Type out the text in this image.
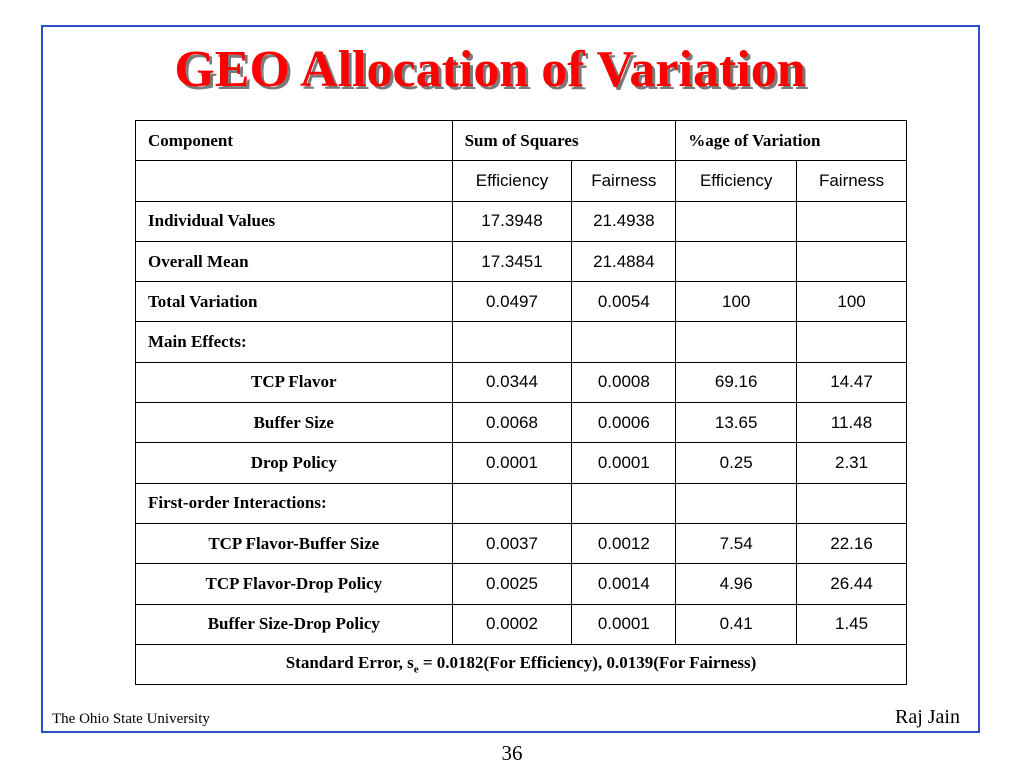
GEO Allocation of Variation
Component	Sum of Squares		%age of Variation	
	Efficiency	Fairness	Efficiency	Fairness
Individual Values	17.3948	21.4938		
Overall Mean	17.3451	21.4884		
Total Variation	0.0497	0.0054	100	100
Main Effects:				
TCP Flavor	0.0344	0.0008	69.16	14.47
Buffer Size	0.0068	0.0006	13.65	11.48
Drop Policy	0.0001	0.0001	0.25	2.31
First-order Interactions:				
TCP Flavor-Buffer Size	0.0037	0.0012	7.54	22.16
TCP Flavor-Drop Policy	0.0025	0.0014	4.96	26.44
Buffer Size-Drop Policy	0.0002	0.0001	0.41	1.45
Standard Error, $s_e = 0.0182(For$ Efficiency), 0.0139(For Fairness)				
The Ohio State University	Raj Jain
36
